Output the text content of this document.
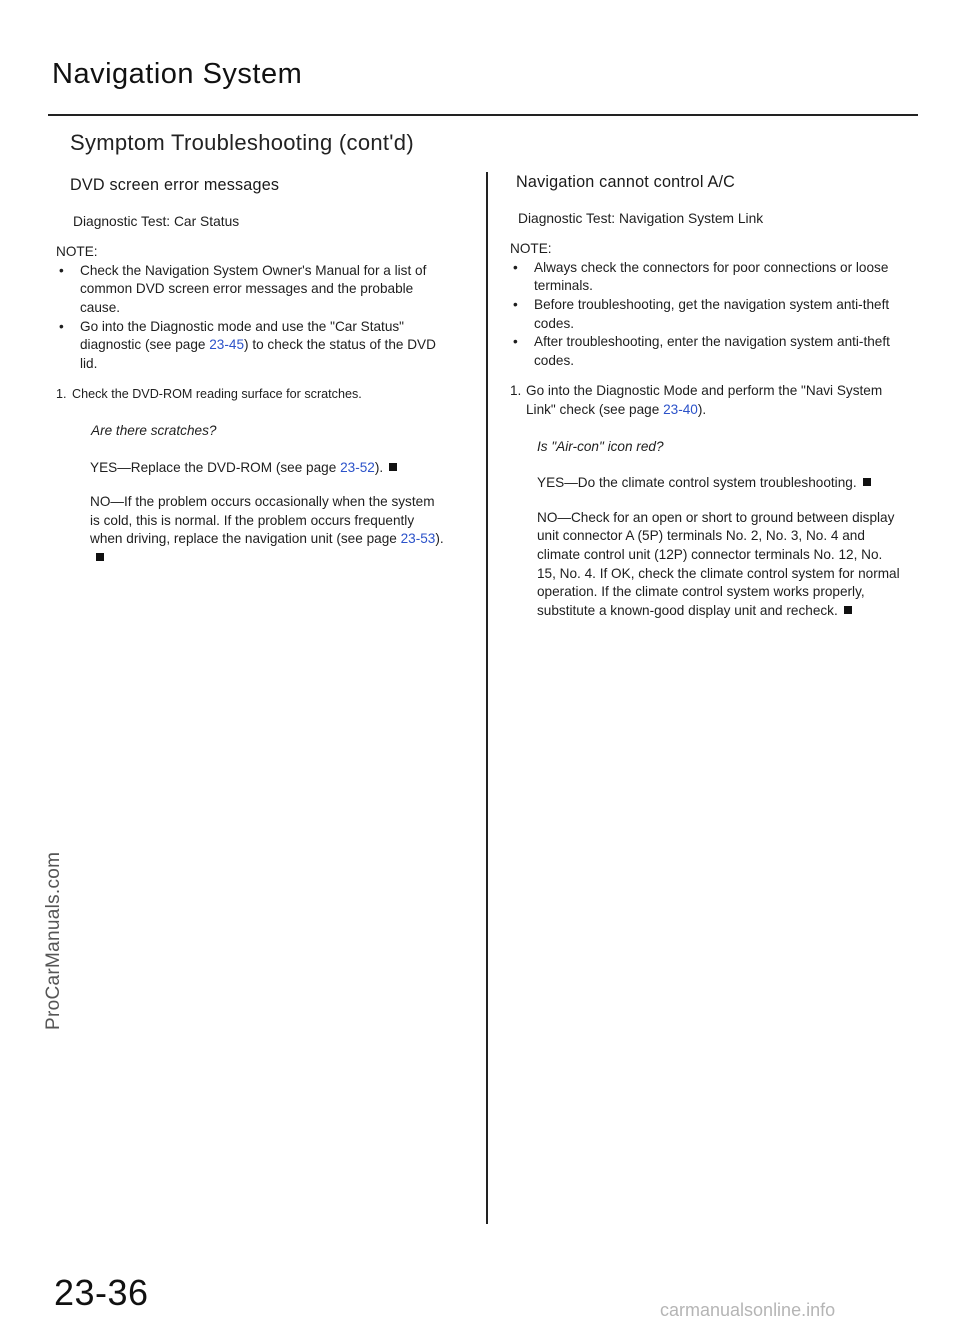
Navigation System
Symptom Troubleshooting (cont'd)
ProCarManuals.com
DVD screen error messages
Diagnostic Test: Car Status
NOTE:
• Check the Navigation System Owner's Manual for a list of common DVD screen error messages and the probable cause.
• Go into the Diagnostic mode and use the "Car Status" diagnostic (see page 23-45) to check the status of the DVD lid.
1. Check the DVD-ROM reading surface for scratches.
Are there scratches?
YES—Replace the DVD-ROM (see page 23-52).
NO—If the problem occurs occasionally when the system is cold, this is normal. If the problem occurs frequently when driving, replace the navigation unit (see page 23-53).
Navigation cannot control A/C
Diagnostic Test: Navigation System Link
NOTE:
• Always check the connectors for poor connections or loose terminals.
• Before troubleshooting, get the navigation system anti-theft codes.
• After troubleshooting, enter the navigation system anti-theft codes.
1. Go into the Diagnostic Mode and perform the "Navi System Link" check (see page 23-40).
Is "Air-con" icon red?
YES—Do the climate control system troubleshooting.
NO—Check for an open or short to ground between display unit connector A (5P) terminals No. 2, No. 3, No. 4 and climate control unit (12P) connector terminals No. 12, No. 15, No. 4. If OK, check the climate control system for normal operation. If the climate control system works properly, substitute a known-good display unit and recheck.
23-36	carmanualsonline.info
